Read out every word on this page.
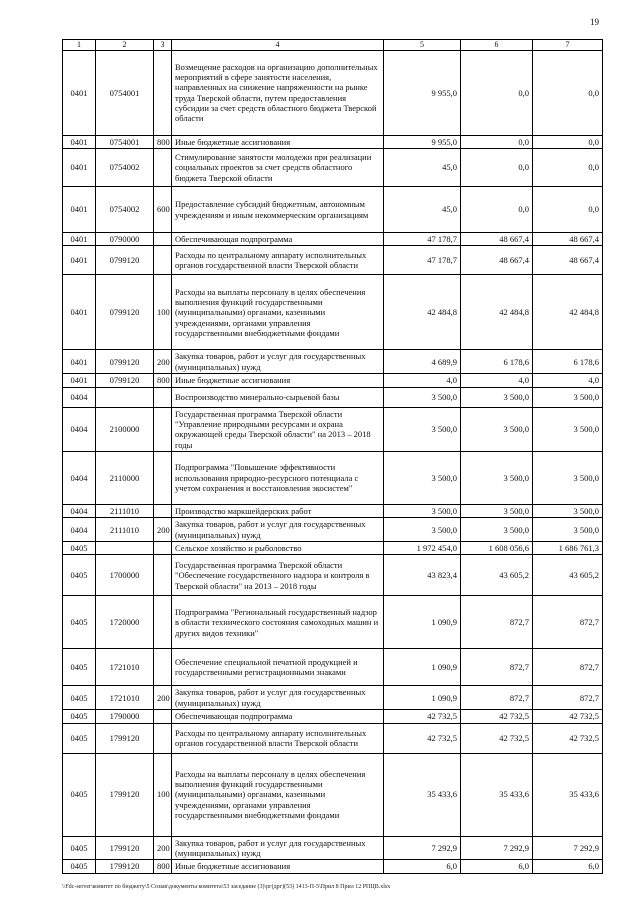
19
1	2	3	4	5	6	7
0401	0754001		Возмещение расходов на организацию дополнительных мероприятий в сфере занятости населения, направленных на снижение напряженности на рынке труда Тверской области, путем предоставления субсидии за счет средств областного бюджета Тверской области	9 955,0	0,0	0,0
0401	0754001	800	Иные бюджетные ассигнования	9 955,0	0,0	0,0
0401	0754002		Стимулирование занятости молодежи при реализации социальных проектов за счет средств областного бюджета Тверской области	45,0	0,0	0,0
0401	0754002	600	Предоставление субсидий бюджетным, автономным учреждениям и иным некоммерческим организациям	45,0	0,0	0,0
0401	0790000		Обеспечивающая подпрограмма	47 178,7	48 667,4	48 667,4
0401	0799120		Расходы по центральному аппарату исполнительных органов государственной власти Тверской области	47 178,7	48 667,4	48 667,4
0401	0799120	100	Расходы на выплаты персоналу в целях обеспечения выполнения функций государственными (муниципальными) органами, казенными учреждениями, органами управления государственными внебюджетными фондами	42 484,8	42 484,8	42 484,8
0401	0799120	200	Закупка товаров, работ и услуг для государственных (муниципальных) нужд	4 689,9	6 178,6	6 178,6
0401	0799120	800	Иные бюджетные ассигнования	4,0	4,0	4,0
0404			Воспроизводство минерально-сырьевой базы	3 500,0	3 500,0	3 500,0
0404	2100000		Государственная программа Тверской области "Управление природными ресурсами и охрана окружающей среды Тверской области" на 2013 – 2018 годы	3 500,0	3 500,0	3 500,0
0404	2110000		Подпрограмма "Повышение эффективности использования природно-ресурсного потенциала с учетом сохранения и восстановления экосистем"	3 500,0	3 500,0	3 500,0
0404	2111010		Производство маркшейдерских работ	3 500,0	3 500,0	3 500,0
0404	2111010	200	Закупка товаров, работ и услуг для государственных (муниципальных) нужд	3 500,0	3 500,0	3 500,0
0405			Сельское хозяйство и рыболовство	1 972 454,0	1 608 056,6	1 686 761,3
0405	1700000		Государственная программа Тверской области "Обеспечение государственного надзора и контроля в Тверской области" на 2013 – 2018 годы	43 823,4	43 605,2	43 605,2
0405	1720000		Подпрограмма "Региональный государственный надзор в области технического состояния самоходных машин и других видов техники"	1 090,9	872,7	872,7
0405	1721010		Обеспечение специальной печатной продукцией и государственными регистрационными знаками	1 090,9	872,7	872,7
0405	1721010	200	Закупка товаров, работ и услуг для государственных (муниципальных) нужд	1 090,9	872,7	872,7
0405	1790000		Обеспечивающая подпрограмма	42 732,5	42 732,5	42 732,5
0405	1799120		Расходы по центральному аппарату исполнительных органов государственной власти Тверской области	42 732,5	42 732,5	42 732,5
0405	1799120	100	Расходы на выплаты персоналу в целях обеспечения выполнения функций государственными (муниципальными) органами, казенными учреждениями, органами управления государственными внебюджетными фондами	35 433,6	35 433,6	35 433,6
0405	1799120	200	Закупка товаров, работ и услуг для государственных (муниципальных) нужд	7 292,9	7 292,9	7 292,9
0405	1799120	800	Иные бюджетные ассигнования	6,0	6,0	6,0
\\Fdc-server\комитет по бюджету\5 Созыв\документы комитета\53 заседание (3)\рг(дрг)(53) 1413-П-5\Прил 8 Прил 12 РПЦВ.xlsx
